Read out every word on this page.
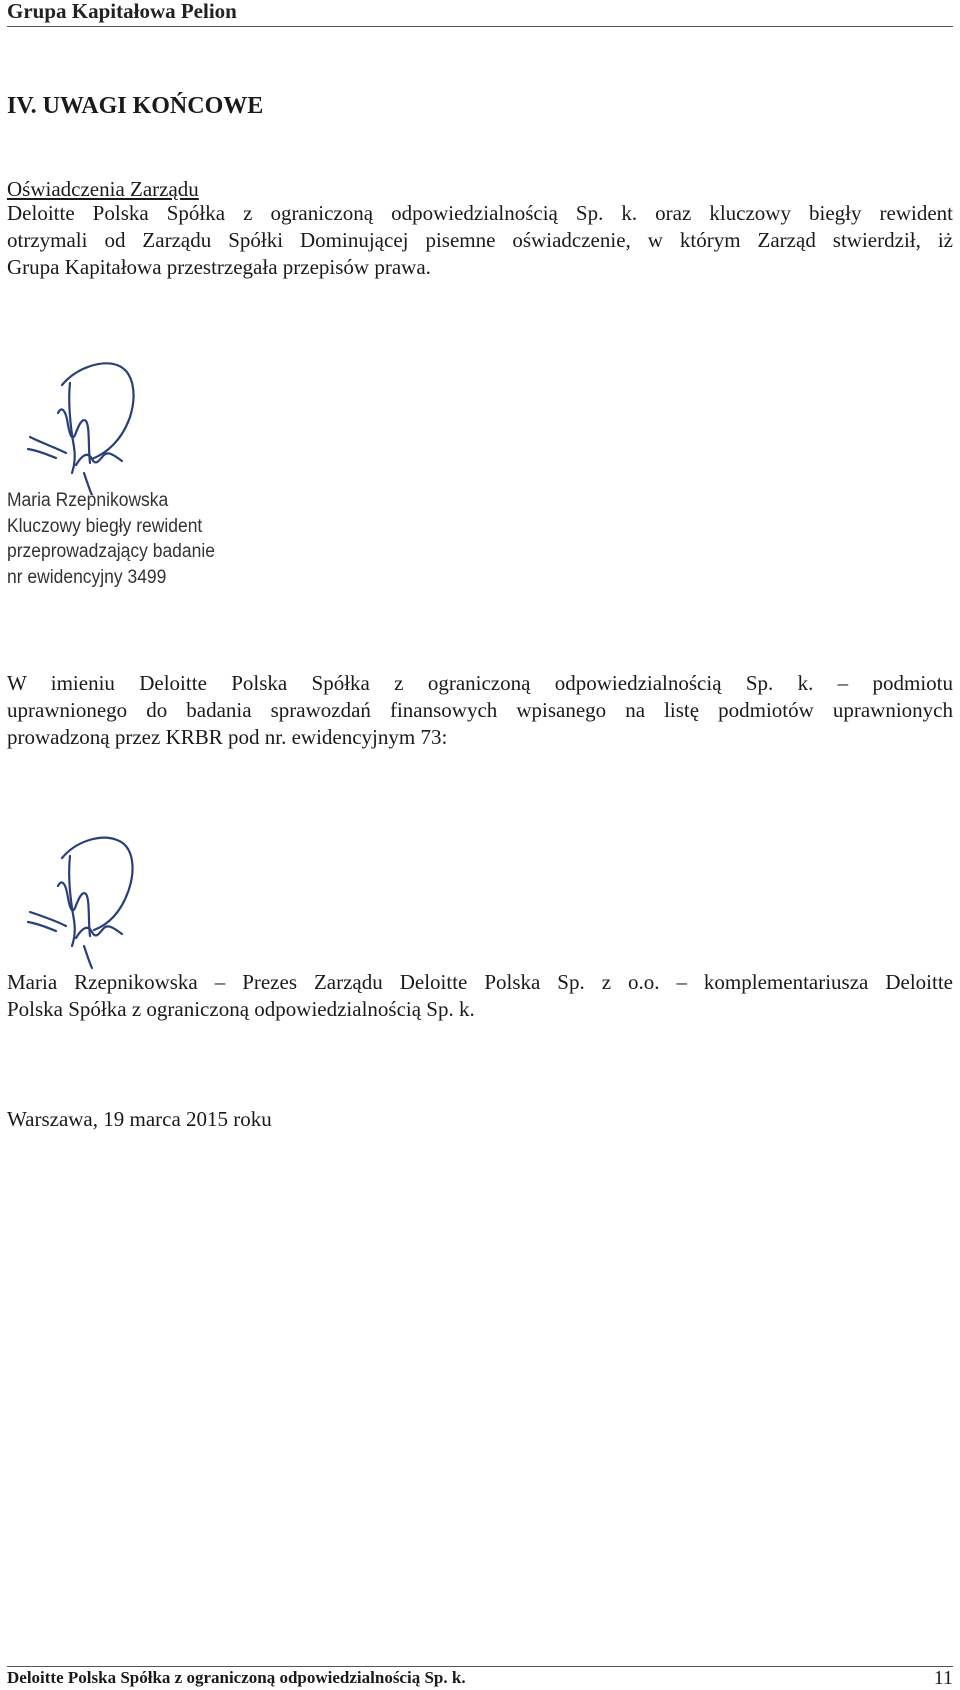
Grupa Kapitałowa Pelion
IV. UWAGI KOŃCOWE
Oświadczenia Zarządu
Deloitte Polska Spółka z ograniczoną odpowiedzialnością Sp. k. oraz kluczowy biegły rewident
otrzymali od Zarządu Spółki Dominującej pisemne oświadczenie, w którym Zarząd stwierdził, iż
Grupa Kapitałowa przestrzegała przepisów prawa.
Maria Rzepnikowska
Kluczowy biegły rewident
przeprowadzający badanie
nr ewidencyjny 3499
W imieniu Deloitte Polska Spółka z ograniczoną odpowiedzialnością Sp. k. – podmiotu
uprawnionego do badania sprawozdań finansowych wpisanego na listę podmiotów uprawnionych
prowadzoną przez KRBR pod nr. ewidencyjnym 73:
Maria Rzepnikowska – Prezes Zarządu Deloitte Polska Sp. z o.o. – komplementariusza Deloitte
Polska Spółka z ograniczoną odpowiedzialnością Sp. k.
Warszawa, 19 marca 2015 roku
Deloitte Polska Spółka z ograniczoną odpowiedzialnością Sp. k.	11
